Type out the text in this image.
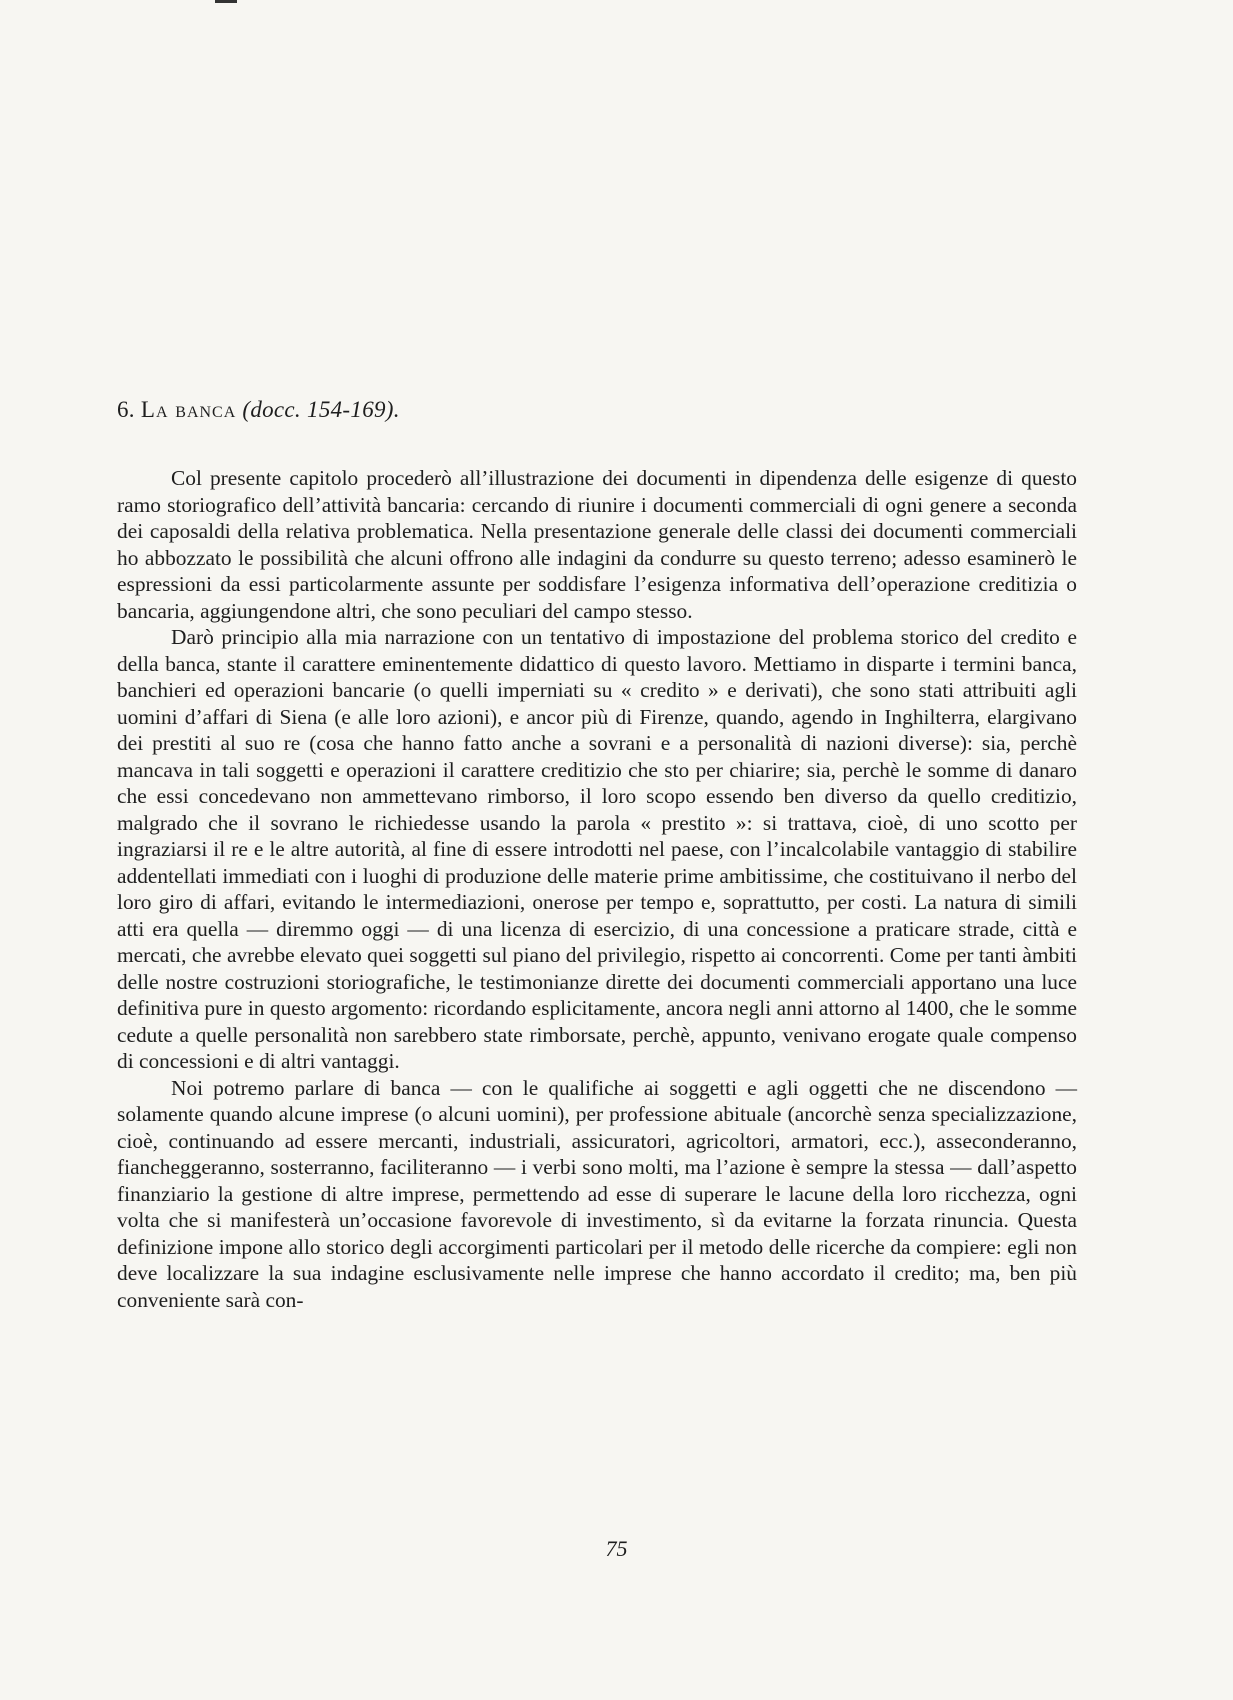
6. La banca (docc. 154-169).

Col presente capitolo procederò all’illustrazione dei documenti in dipendenza delle esigenze di questo ramo storiografico dell’attività bancaria: cercando di riunire i documenti commerciali di ogni genere a seconda dei caposaldi della relativa problematica. Nella presentazione generale delle classi dei documenti commerciali ho abbozzato le possibilità che alcuni offrono alle indagini da condurre su questo terreno; adesso esaminerò le espressioni da essi particolarmente assunte per soddisfare l’esigenza informativa dell’operazione creditizia o bancaria, aggiungendone altri, che sono peculiari del campo stesso.

Darò principio alla mia narrazione con un tentativo di impostazione del problema storico del credito e della banca, stante il carattere eminentemente didattico di questo lavoro. Mettiamo in disparte i termini banca, banchieri ed operazioni bancarie (o quelli imperniati su « credito » e derivati), che sono stati attribuiti agli uomini d’affari di Siena (e alle loro azioni), e ancor più di Firenze, quando, agendo in Inghilterra, elargivano dei prestiti al suo re (cosa che hanno fatto anche a sovrani e a personalità di nazioni diverse): sia, perchè mancava in tali soggetti e operazioni il carattere creditizio che sto per chiarire; sia, perchè le somme di danaro che essi concedevano non ammettevano rimborso, il loro scopo essendo ben diverso da quello creditizio, malgrado che il sovrano le richiedesse usando la parola « prestito »: si trattava, cioè, di uno scotto per ingraziarsi il re e le altre autorità, al fine di essere introdotti nel paese, con l’incalcolabile vantaggio di stabilire addentellati immediati con i luoghi di produzione delle materie prime ambitissime, che costituivano il nerbo del loro giro di affari, evitando le intermediazioni, onerose per tempo e, soprattutto, per costi. La natura di simili atti era quella — diremmo oggi — di una licenza di esercizio, di una concessione a praticare strade, città e mercati, che avrebbe elevato quei soggetti sul piano del privilegio, rispetto ai concorrenti. Come per tanti àmbiti delle nostre costruzioni storiografiche, le testimonianze dirette dei documenti commerciali apportano una luce definitiva pure in questo argomento: ricordando esplicitamente, ancora negli anni attorno al 1400, che le somme cedute a quelle personalità non sarebbero state rimborsate, perchè, appunto, venivano erogate quale compenso di concessioni e di altri vantaggi.

Noi potremo parlare di banca — con le qualifiche ai soggetti e agli oggetti che ne discendono — solamente quando alcune imprese (o alcuni uomini), per professione abituale (ancorchè senza specializzazione, cioè, continuando ad essere mercanti, industriali, assicuratori, agricoltori, armatori, ecc.), asseconderanno, fiancheggeranno, sosterranno, faciliteranno — i verbi sono molti, ma l’azione è sempre la stessa — dall’aspetto finanziario la gestione di altre imprese, permettendo ad esse di superare le lacune della loro ricchezza, ogni volta che si manifesterà un’occasione favorevole di investimento, sì da evitarne la forzata rinuncia. Questa definizione impone allo storico degli accorgimenti particolari per il metodo delle ricerche da compiere: egli non deve localizzare la sua indagine esclusivamente nelle imprese che hanno accordato il credito; ma, ben più conveniente sarà con-

75
